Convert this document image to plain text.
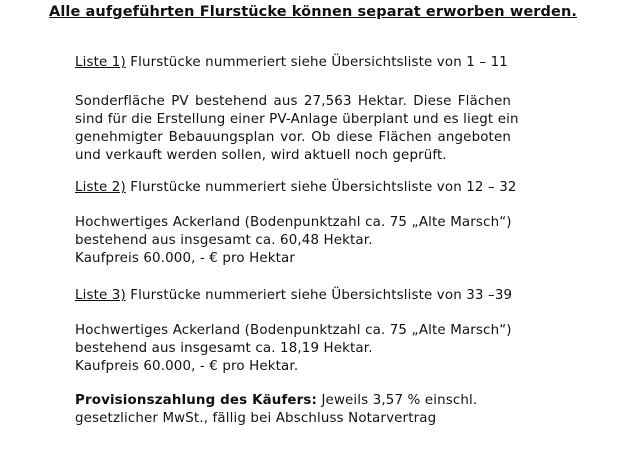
Alle aufgeführten Flurstücke können separat erworben werden.
Liste 1) Flurstücke nummeriert siehe Übersichtsliste von 1 – 11
Sonderfläche PV bestehend aus 27,563 Hektar. Diese Flächen
sind für die Erstellung einer PV-Anlage überplant und es liegt ein
genehmigter Bebauungsplan vor. Ob diese Flächen angeboten
und verkauft werden sollen, wird aktuell noch geprüft.
Liste 2) Flurstücke nummeriert siehe Übersichtsliste von 12 – 32
Hochwertiges Ackerland (Bodenpunktzahl ca. 75 „Alte Marsch“)
bestehend aus insgesamt ca. 60,48 Hektar.
Kaufpreis 60.000, - € pro Hektar
Liste 3) Flurstücke nummeriert siehe Übersichtsliste von 33 –39
Hochwertiges Ackerland (Bodenpunktzahl ca. 75 „Alte Marsch“)
bestehend aus insgesamt ca. 18,19 Hektar.
Kaufpreis 60.000, - € pro Hektar.
Provisionszahlung des Käufers: Jeweils 3,57 % einschl.
gesetzlicher MwSt., fällig bei Abschluss Notarvertrag
